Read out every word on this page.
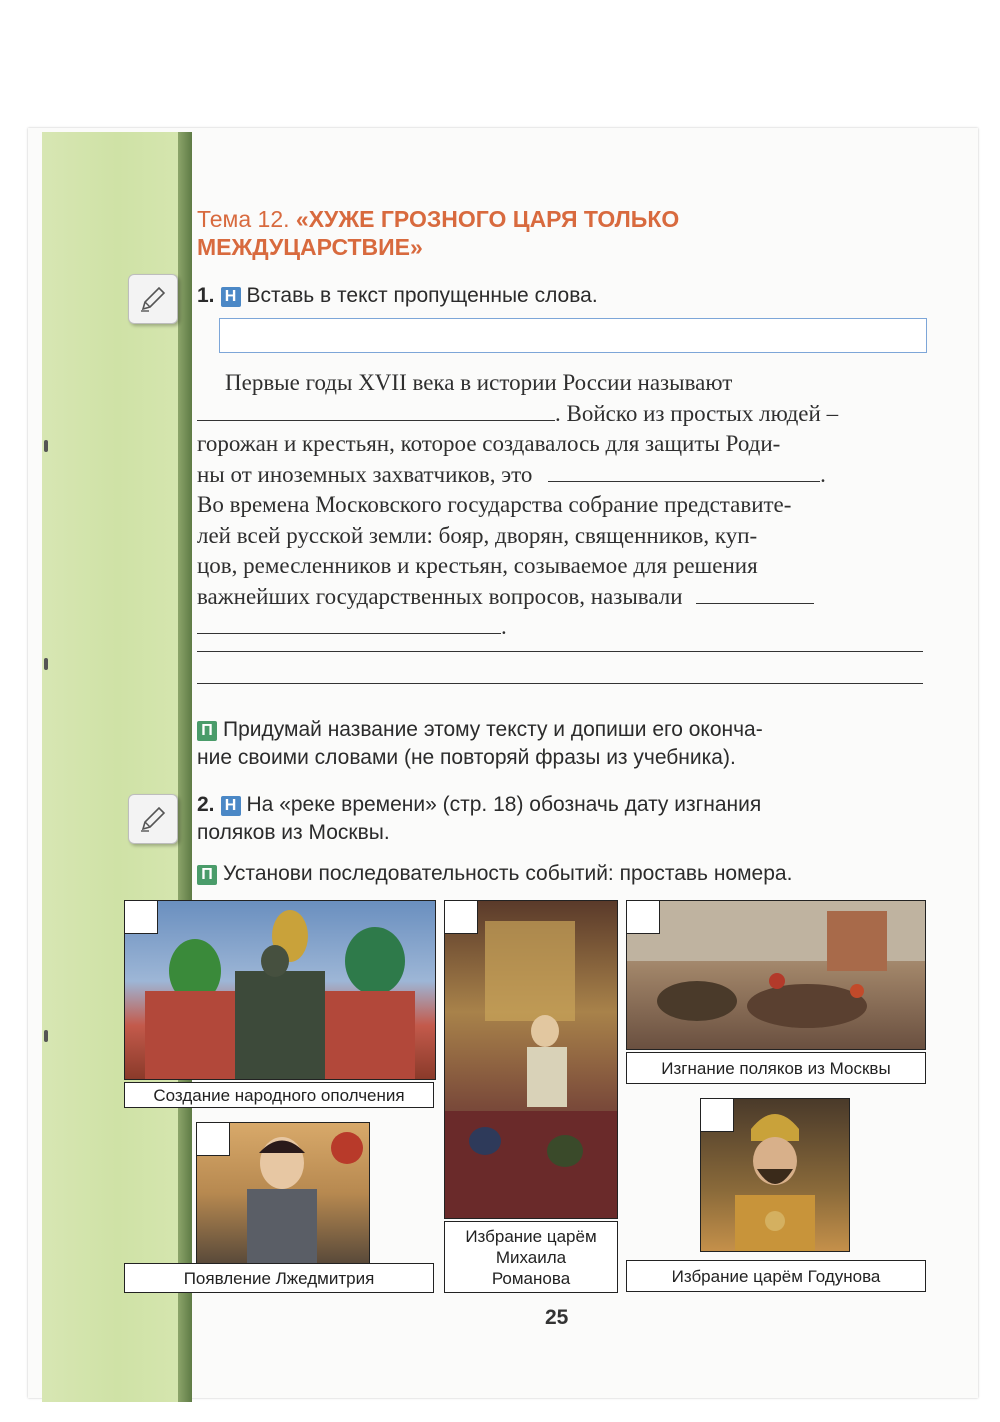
Тема 12. «ХУЖЕ ГРОЗНОГО ЦАРЯ ТОЛЬКО
МЕЖДУЦАРСТВИЕ»
1. Н Вставь в текст пропущенные слова.
Первые годы XVII века в истории России называют
. Войско из простых людей –
горожан и крестьян, которое создавалось для защиты Роди-
ны от иноземных захватчиков, это	.
Во времена Московского государства собрание представите-
лей всей русской земли: бояр, дворян, священников, куп-
цов, ремесленников и крестьян, созываемое для решения
важнейших государственных вопросов, называли
.
П Придумай название этому тексту и допиши его оконча-
ние своими словами (не повторяй фразы из учебника).
2. Н На «реке времени» (стр. 18) обозначь дату изгнания
поляков из Москвы.
П Установи последовательность событий: проставь номера.
Создание народного ополчения
Избрание царём
Михаила
Романова
Изгнание поляков из Москвы
Появление Лжедмитрия	Избрание царём Годунова
25
